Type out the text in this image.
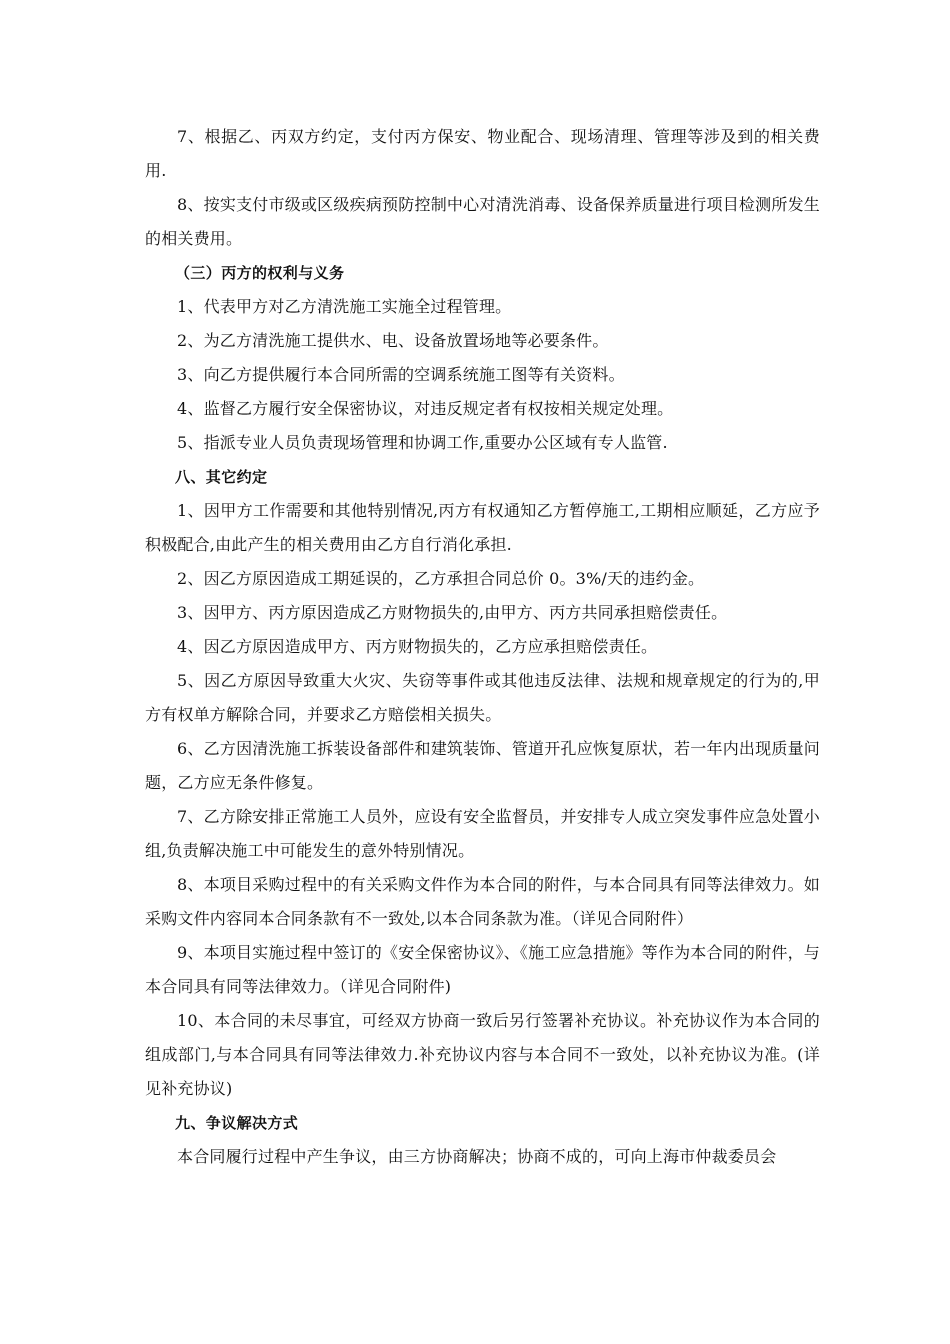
7、根据乙、丙双方约定，支付丙方保安、物业配合、现场清理、管理等涉及到的相关费用.

8、按实支付市级或区级疾病预防控制中心对清洗消毒、设备保养质量进行项目检测所发生的相关费用。

（三）丙方的权利与义务

1、代表甲方对乙方清洗施工实施全过程管理。

2、为乙方清洗施工提供水、电、设备放置场地等必要条件。

3、向乙方提供履行本合同所需的空调系统施工图等有关资料。

4、监督乙方履行安全保密协议，对违反规定者有权按相关规定处理。

5、指派专业人员负责现场管理和协调工作,重要办公区域有专人监管.

八、其它约定

1、因甲方工作需要和其他特别情况,丙方有权通知乙方暂停施工,工期相应顺延，乙方应予积极配合,由此产生的相关费用由乙方自行消化承担.

2、因乙方原因造成工期延误的，乙方承担合同总价 0。3%/天的违约金。

3、因甲方、丙方原因造成乙方财物损失的,由甲方、丙方共同承担赔偿责任。

4、因乙方原因造成甲方、丙方财物损失的，乙方应承担赔偿责任。

5、因乙方原因导致重大火灾、失窃等事件或其他违反法律、法规和规章规定的行为的,甲方有权单方解除合同，并要求乙方赔偿相关损失。

6、乙方因清洗施工拆装设备部件和建筑装饰、管道开孔应恢复原状，若一年内出现质量问题，乙方应无条件修复。

7、乙方除安排正常施工人员外，应设有安全监督员，并安排专人成立突发事件应急处置小组,负责解决施工中可能发生的意外特别情况。

8、本项目采购过程中的有关采购文件作为本合同的附件，与本合同具有同等法律效力。如采购文件内容同本合同条款有不一致处,以本合同条款为准。（详见合同附件）

9、本项目实施过程中签订的《安全保密协议》、《施工应急措施》等作为本合同的附件，与本合同具有同等法律效力。（详见合同附件)

10、本合同的未尽事宜，可经双方协商一致后另行签署补充协议。补充协议作为本合同的组成部门,与本合同具有同等法律效力.补充协议内容与本合同不一致处，以补充协议为准。(详见补充协议)

九、争议解决方式

本合同履行过程中产生争议，由三方协商解决；协商不成的，可向上海市仲裁委员会
